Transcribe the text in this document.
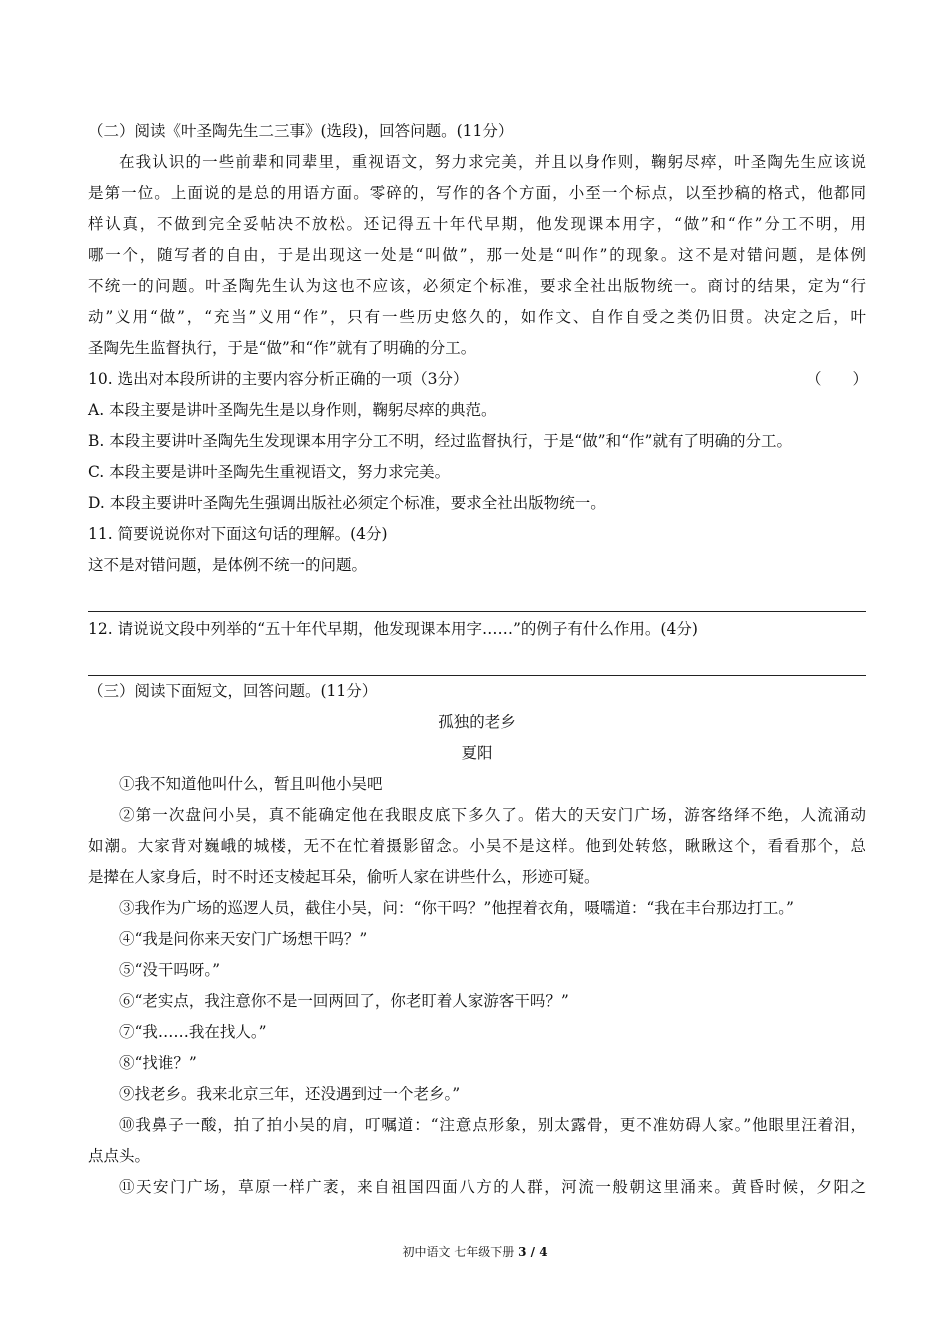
（二）阅读《叶圣陶先生二三事》(选段)，回答问题。(11分）
在我认识的一些前辈和同辈里，重视语文，努力求完美，并且以身作则，鞠躬尽瘁，叶圣陶先生应该说
是第一位。上面说的是总的用语方面。零碎的，写作的各个方面，小至一个标点，以至抄稿的格式，他都同
样认真，不做到完全妥帖决不放松。还记得五十年代早期，他发现课本用字，“做”和“作”分工不明，用
哪一个，随写者的自由，于是出现这一处是“叫做”，那一处是“叫作”的现象。这不是对错问题，是体例
不统一的问题。叶圣陶先生认为这也不应该，必须定个标准，要求全社出版物统一。商讨的结果，定为“行
动”义用“做”，“充当”义用“作”，只有一些历史悠久的，如作文、自作自受之类仍旧贯。决定之后，叶
圣陶先生监督执行，于是“做”和“作”就有了明确的分工。
10. 选出对本段所讲的主要内容分析正确的一项（3分）	（　　）
A. 本段主要是讲叶圣陶先生是以身作则，鞠躬尽瘁的典范。
B. 本段主要讲叶圣陶先生发现课本用字分工不明，经过监督执行，于是“做”和“作”就有了明确的分工。
C. 本段主要是讲叶圣陶先生重视语文，努力求完美。
D. 本段主要讲叶圣陶先生强调出版社必须定个标准，要求全社出版物统一。
11. 简要说说你对下面这句话的理解。(4分)
这不是对错问题，是体例不统一的问题。
12. 请说说文段中列举的“五十年代早期，他发现课本用字……”的例子有什么作用。(4分)
（三）阅读下面短文，回答问题。(11分）
孤独的老乡
夏阳
①我不知道他叫什么，暂且叫他小吴吧
②第一次盘问小吴，真不能确定他在我眼皮底下多久了。偌大的天安门广场，游客络绎不绝，人流涌动
如潮。大家背对巍峨的城楼，无不在忙着摄影留念。小吴不是这样。他到处转悠，瞅瞅这个，看看那个，总
是撵在人家身后，时不时还支棱起耳朵，偷听人家在讲些什么，形迹可疑。
③我作为广场的巡逻人员，截住小吴，问：“你干吗？”他捏着衣角，嗫嚅道：“我在丰台那边打工。”
④“我是问你来天安门广场想干吗？”
⑤“没干吗呀。”
⑥“老实点，我注意你不是一回两回了，你老盯着人家游客干吗？”
⑦“我……我在找人。”
⑧“找谁？”
⑨找老乡。我来北京三年，还没遇到过一个老乡。”
⑩我鼻子一酸，拍了拍小吴的肩，叮嘱道：“注意点形象，别太露骨，更不准妨碍人家。”他眼里汪着泪，
点点头。
⑪天安门广场，草原一样广袤，来自祖国四面八方的人群，河流一般朝这里涌来。黄昏时候，夕阳之
初中语文 七年级下册 3 / 4
